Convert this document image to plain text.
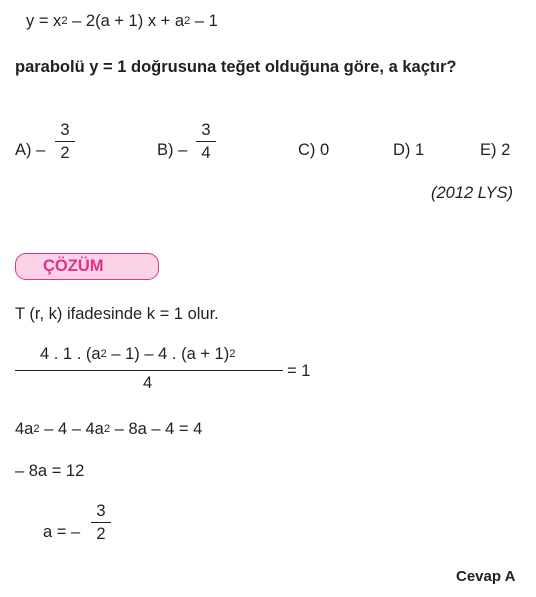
$y = x^2 - 2(a + 1) x + a^2 - 1$
parabolü y = 1 doğrusuna teğet olduğuna göre, a kaçtır?
A) –
3
2	B) –
3
4	C) 0	D) 1	E) 2
(2012 LYS)
ÇÖZÜM
T (r, k) ifadesinde k = 1 olur.
4 . 1 . $(a^2 - 1) - 4$ . $(a + 1)^2$
4
= 1
$4a^2 - 4 - 4a^2 - 8a - 4 = 4$
– 8a = 12
a = –
3
2
Cevap A
